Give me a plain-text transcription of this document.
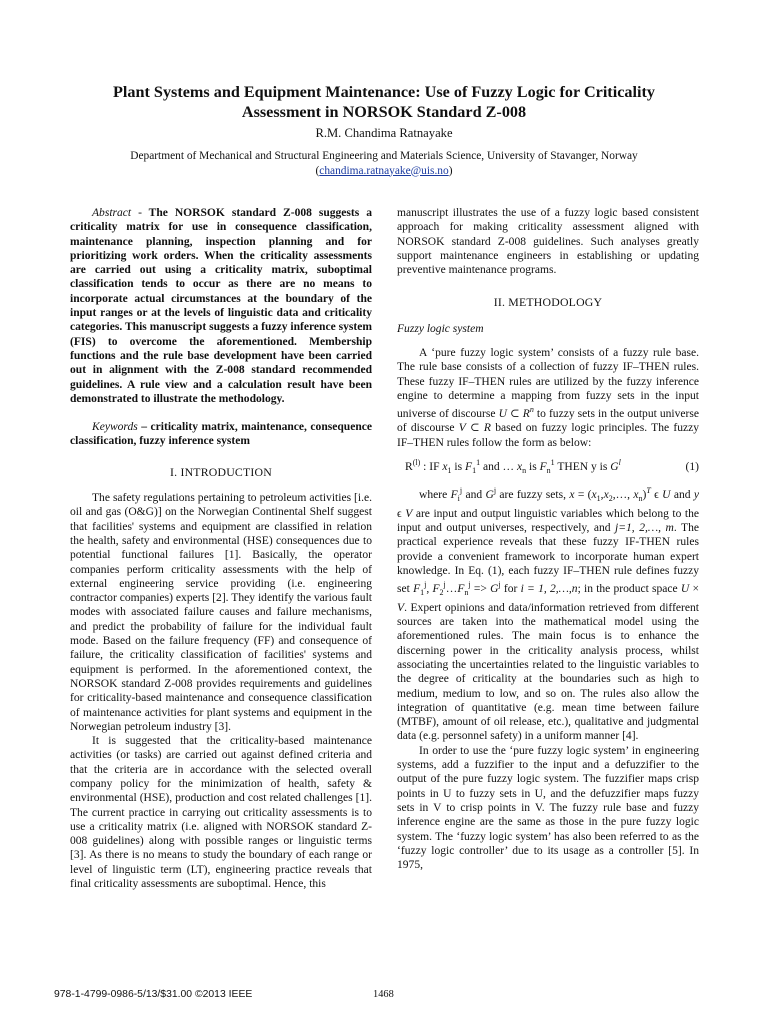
Plant Systems and Equipment Maintenance: Use of Fuzzy Logic for Criticality
Assessment in NORSOK Standard Z-008
R.M. Chandima Ratnayake
Department of Mechanical and Structural Engineering and Materials Science, University of Stavanger, Norway
(chandima.ratnayake@uis.no)

Abstract - The NORSOK standard Z-008 suggests a criticality matrix for use in consequence classification, maintenance planning, inspection planning and for prioritizing work orders. When the criticality assessments are carried out using a criticality matrix, suboptimal classification tends to occur as there are no means to incorporate actual circumstances at the boundary of the input ranges or at the levels of linguistic data and criticality categories. This manuscript suggests a fuzzy inference system (FIS) to overcome the aforementioned. Membership functions and the rule base development have been carried out in alignment with the Z-008 standard recommended guidelines. A rule view and a calculation result have been demonstrated to illustrate the methodology.

Keywords – criticality matrix, maintenance, consequence classification, fuzzy inference system

I. INTRODUCTION

The safety regulations pertaining to petroleum activities [i.e. oil and gas (O&G)] on the Norwegian Continental Shelf suggest that facilities' systems and equipment are classified in relation the health, safety and environmental (HSE) consequences due to potential functional failures [1]. Basically, the operator companies perform criticality assessments with the help of external engineering service providing (i.e. engineering contractor companies) experts [2]. They identify the various fault modes with associated failure causes and failure mechanisms, and predict the probability of failure for the individual fault mode. Based on the failure frequency (FF) and consequence of failure, the criticality classification of facilities' systems and equipment is performed. In the aforementioned context, the NORSOK standard Z-008 provides requirements and guidelines for criticality-based maintenance and consequence classification of maintenance activities for plant systems and equipment in the Norwegian petroleum industry [3].

It is suggested that the criticality-based maintenance activities (or tasks) are carried out against defined criteria and that the criteria are in accordance with the selected overall company policy for the minimization of health, safety & environmental (HSE), production and cost related challenges [1]. The current practice in carrying out criticality assessments is to use a criticality matrix (i.e. aligned with NORSOK standard Z-008 guidelines) along with possible ranges or linguistic terms [3]. As there is no means to study the boundary of each range or level of linguistic term (LT), engineering practice reveals that final criticality assessments are suboptimal. Hence, this

manuscript illustrates the use of a fuzzy logic based consistent approach for making criticality assessment aligned with NORSOK standard Z-008 guidelines. Such analyses greatly support maintenance engineers in establishing or updating preventive maintenance programs.

II. METHODOLOGY

Fuzzy logic system

A ‘pure fuzzy logic system’ consists of a fuzzy rule base. The rule base consists of a collection of fuzzy IF–THEN rules. These fuzzy IF–THEN rules are utilized by the fuzzy inference engine to determine a mapping from fuzzy sets in the input universe of discourse U ⊂ $R^n$ to fuzzy sets in the output universe of discourse V ⊂ R based on fuzzy logic principles. The fuzzy IF–THEN rules follow the form as below:

$R^{(l)}$ : IF $x_1$ is $F_1^1$ and … $x_n$ is $F_n^1$ THEN y is $G^l$	(1)

where $F_i^j$ and $G^j$ are fuzzy sets, $x = (x_1,x_2,\dots$, $x_n)^T$ ϵ U and y ϵ V are input and output linguistic variables which belong to the input and output universes, respectively, and j=1, 2,…, m. The practical experience reveals that these fuzzy IF-THEN rules provide a convenient framework to incorporate human expert knowledge. In Eq. (1), each fuzzy IF–THEN rule defines fuzzy set $F_1^j$, $F_2^j\dots F_n^j => G^j$ for i = 1, 2,…,n; in the product space U × V. Expert opinions and data/information retrieved from different sources are taken into the mathematical model using the aforementioned rules. The main focus is to enhance the discerning power in the criticality analysis process, whilst associating the uncertainties related to the linguistic variables to the degree of criticality at the boundaries such as high to medium, medium to low, and so on. The rules also allow the integration of quantitative (e.g. mean time between failure (MTBF), amount of oil release, etc.), qualitative and judgmental data (e.g. personnel safety) in a uniform manner [4].

In order to use the ‘pure fuzzy logic system’ in engineering systems, add a fuzzifier to the input and a defuzzifier to the output of the pure fuzzy logic system. The fuzzifier maps crisp points in U to fuzzy sets in U, and the defuzzifier maps fuzzy sets in V to crisp points in V. The fuzzy rule base and fuzzy inference engine are the same as those in the pure fuzzy logic system. The ‘fuzzy logic system’ has also been referred to as the ‘fuzzy logic controller’ due to its usage as a controller [5]. In 1975,

978-1-4799-0986-5/13/$31.00 ©2013 IEEE	1468
